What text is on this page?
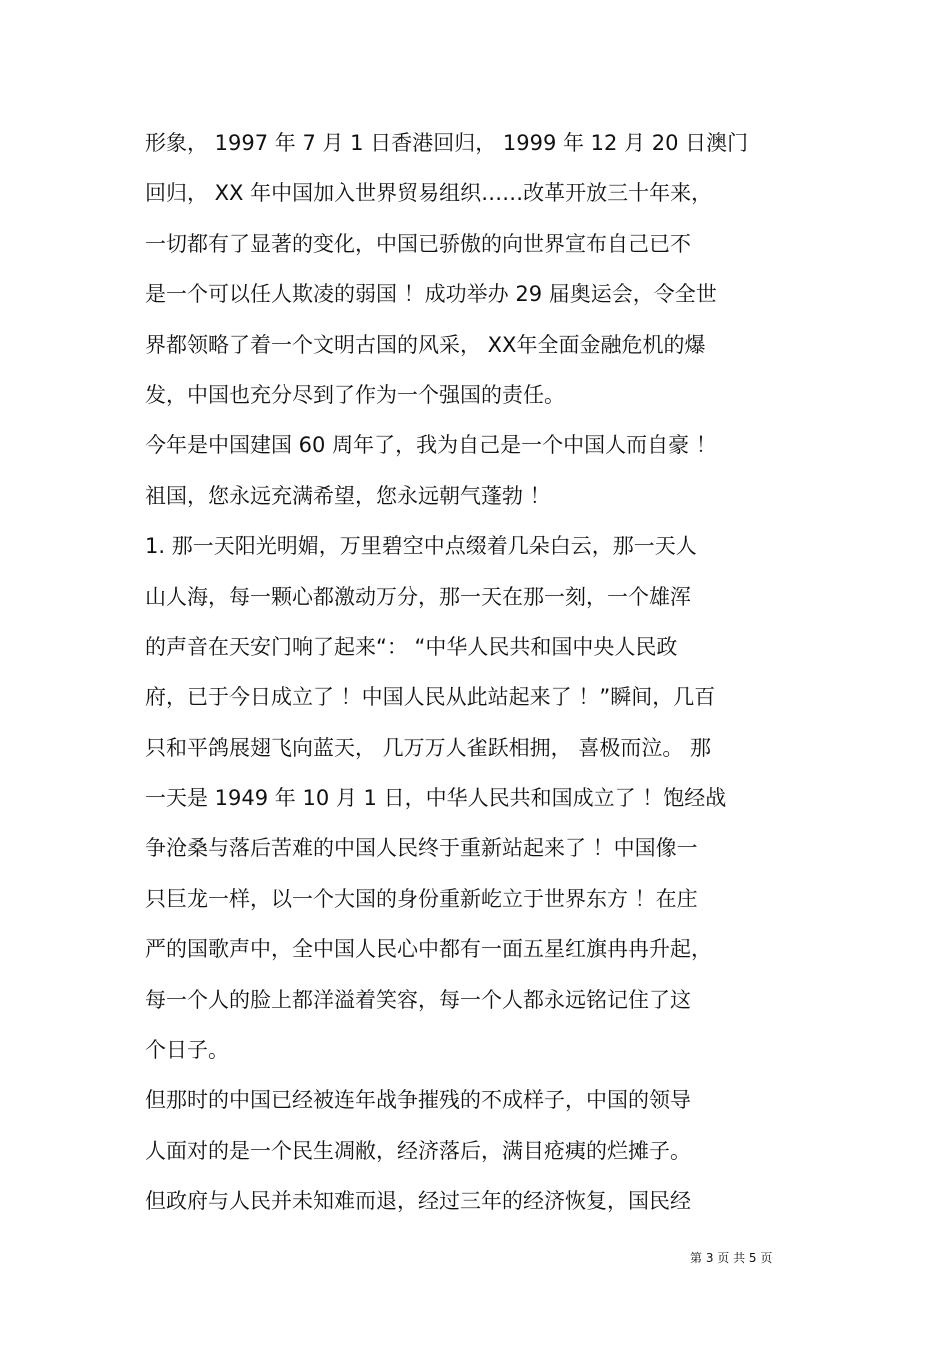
形象， 1997 年 7 月 1 日香港回归， 1999 年 12 月 20 日澳门
回归， XX 年中国加入世界贸易组织……改革开放三十年来，
一切都有了显著的变化，中国已骄傲的向世界宣布自己已不
是一个可以任人欺凌的弱国 ！成功举办 29 届奥运会，令全世
界都领略了着一个文明古国的风采， XX年全面金融危机的爆
发，中国也充分尽到了作为一个强国的责任。
今年是中国建国 60 周年了，我为自己是一个中国人而自豪 ！
祖国，您永远充满希望，您永远朝气蓬勃 ！
1. 那一天阳光明媚，万里碧空中点缀着几朵白云，那一天人
山人海，每一颗心都激动万分，那一天在那一刻，一个雄浑
的声音在天安门响了起来“： “中华人民共和国中央人民政
府，已于今日成立了 ！中国人民从此站起来了 ！”瞬间，几百
只和平鸽展翅飞向蓝天， 几万万人雀跃相拥， 喜极而泣。 那
一天是 1949 年 10 月 1 日，中华人民共和国成立了 ！饱经战
争沧桑与落后苦难的中国人民终于重新站起来了 ！中国像一
只巨龙一样，以一个大国的身份重新屹立于世界东方 ！在庄
严的国歌声中，全中国人民心中都有一面五星红旗冉冉升起，
每一个人的脸上都洋溢着笑容，每一个人都永远铭记住了这
个日子。
但那时的中国已经被连年战争摧残的不成样子，中国的领导
人面对的是一个民生凋敝，经济落后，满目疮痍的烂摊子。
但政府与人民并未知难而退，经过三年的经济恢复，国民经
第 3 页 共 5 页
